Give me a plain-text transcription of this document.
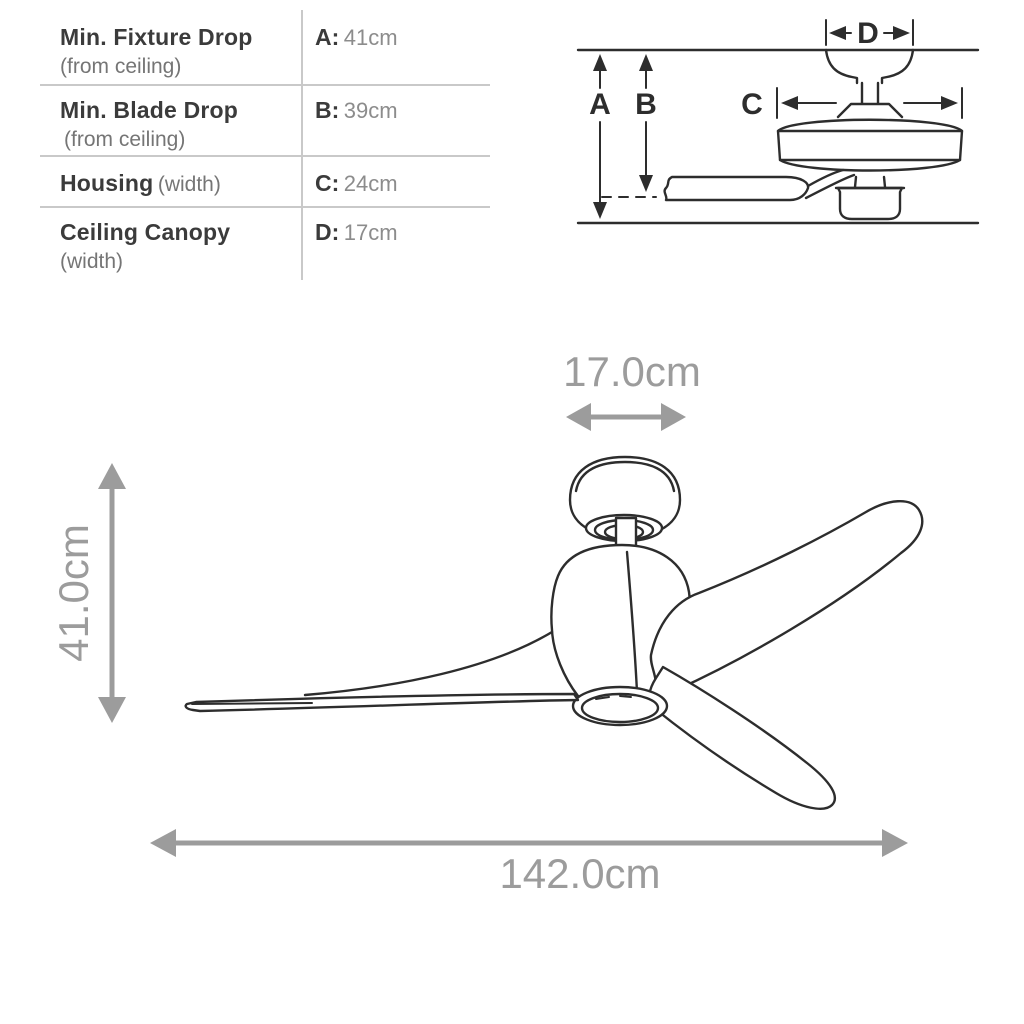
Min. Fixture Drop
(from ceiling)
A: 41cm
Min. Blade Drop
(from ceiling)
B: 39cm
Housing (width)	C: 24cm
Ceiling Canopy
(width)
D: 17cm
A B
D
C
17.0cm
41.0cm
142.0cm
